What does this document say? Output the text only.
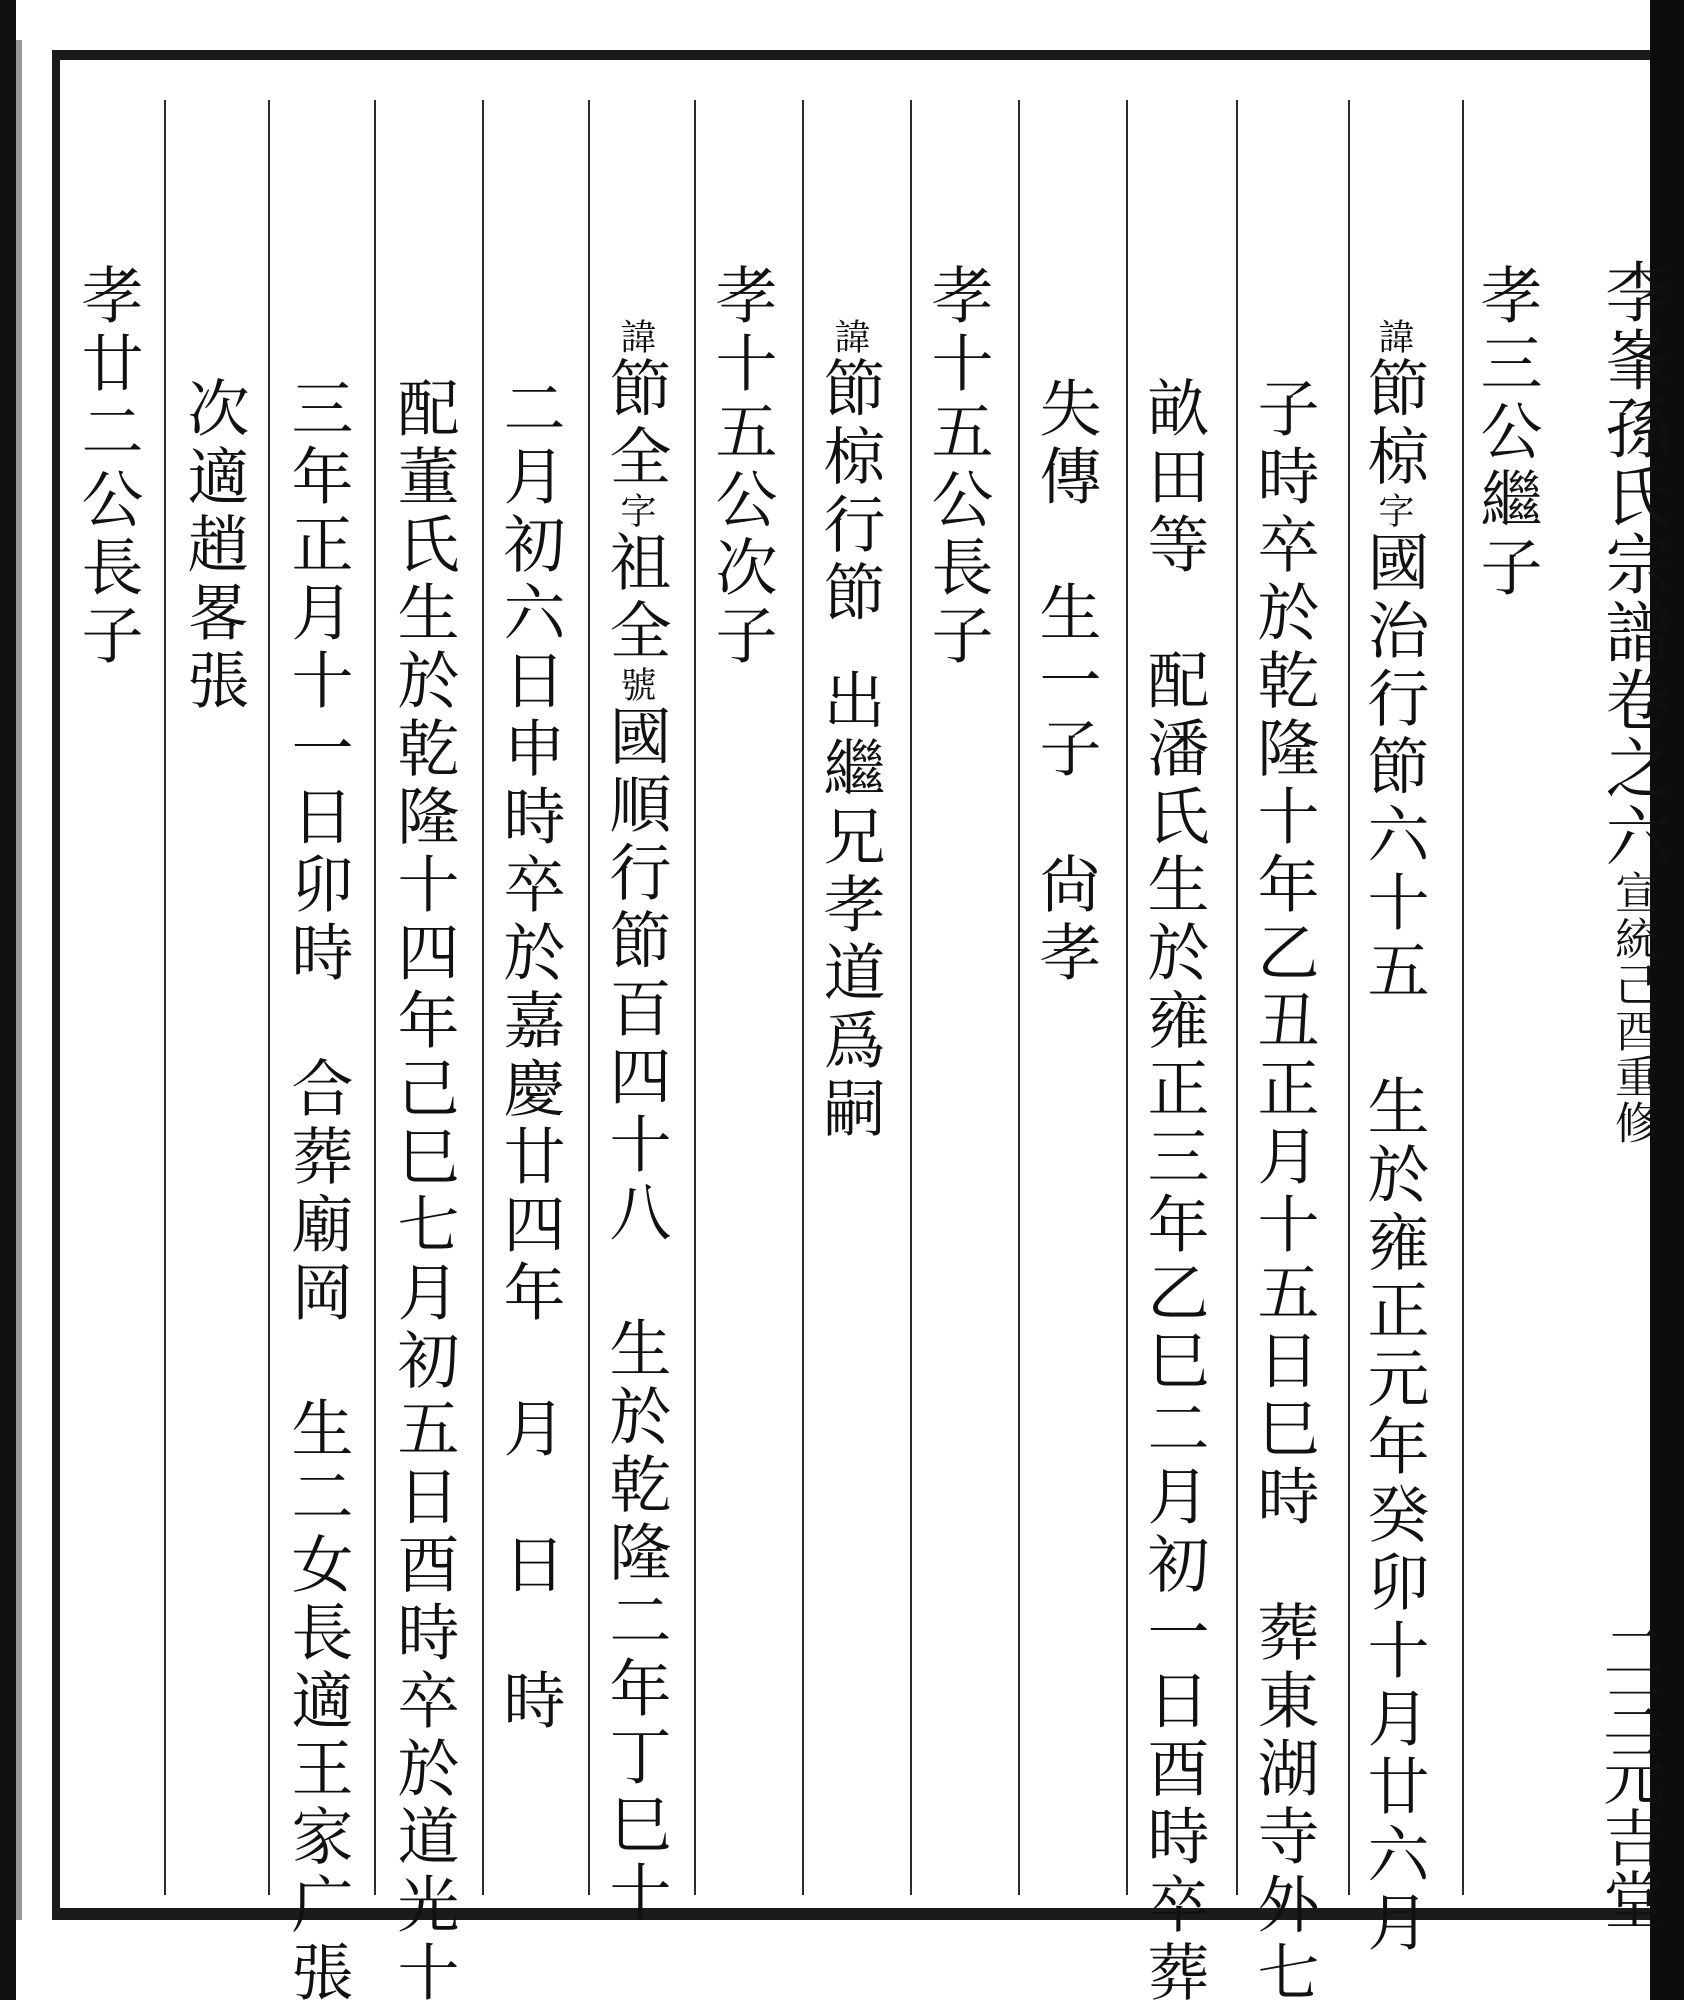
李峯孫氏宗譜卷之六宣統己酉重修

二三元吉堂

孝三公繼子

諱節椋字國治行節六十五　生於雍正元年癸卯十月廿六月

子時卒於乾隆十年乙丑正月十五日巳時　葬東湖寺外七

畝田等　配潘氏生於雍正三年乙巳二月初一日酉時卒葬

失傳　生一子　尙孝

孝十五公長子

諱節椋行節出繼兄孝道爲嗣

孝十五公次子

諱節全字祖全號國順行節百四十八　生於乾隆二年丁巳十

二月初六日申時卒於嘉慶廿四年　月　日　時

配董氏生於乾隆十四年己巳七月初五日酉時卒於道光十

三年正月十一日卯時　合葬廟岡　生二女長適王家广張

次適趙畧張

孝廿二公長子
